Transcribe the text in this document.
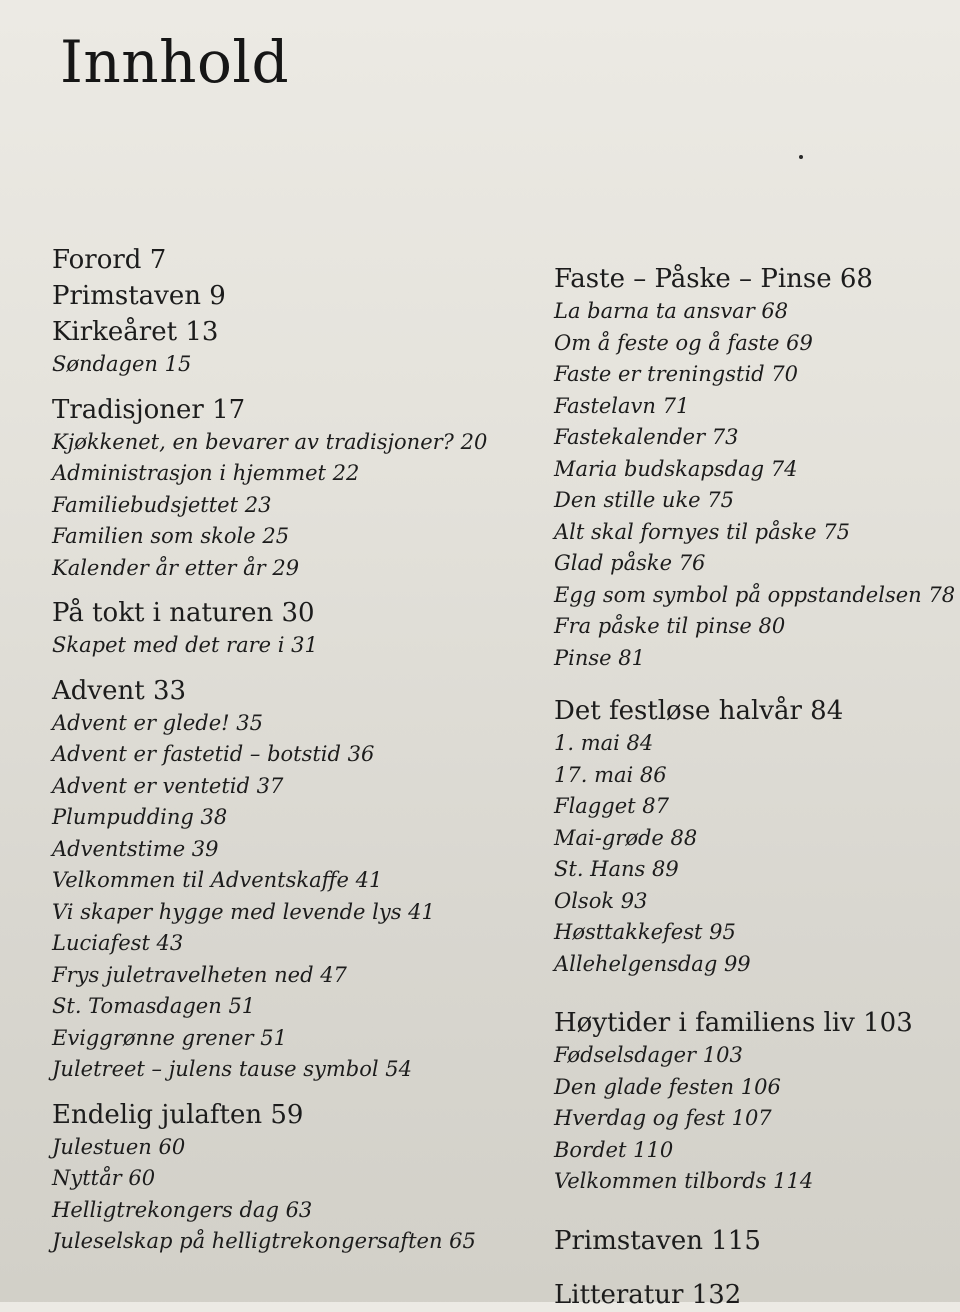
Innhold
Forord 7
Primstaven 9
Kirkeåret 13
Søndagen 15
Tradisjoner 17
Kjøkkenet, en bevarer av tradisjoner? 20
Administrasjon i hjemmet 22
Familiebudsjettet 23
Familien som skole 25
Kalender år etter år 29
På tokt i naturen 30
Skapet med det rare i 31
Advent 33
Advent er glede! 35
Advent er fastetid – botstid 36
Advent er ventetid 37
Plumpudding 38
Adventstime 39
Velkommen til Adventskaffe 41
Vi skaper hygge med levende lys 41
Luciafest 43
Frys juletravelheten ned 47
St. Tomasdagen 51
Eviggrønne grener 51
Juletreet – julens tause symbol 54
Endelig julaften 59
Julestuen 60
Nyttår 60
Helligtrekongers dag 63
Juleselskap på helligtrekongersaften 65
Faste – Påske – Pinse 68
La barna ta ansvar 68
Om å feste og å faste 69
Faste er treningstid 70
Fastelavn 71
Fastekalender 73
Maria budskapsdag 74
Den stille uke 75
Alt skal fornyes til påske 75
Glad påske 76
Egg som symbol på oppstandelsen 78
Fra påske til pinse 80
Pinse 81
Det festløse halvår 84
1. mai 84
17. mai 86
Flagget 87
Mai-grøde 88
St. Hans 89
Olsok 93
Høsttakkefest 95
Allehelgensdag 99
Høytider i familiens liv 103
Fødselsdager 103
Den glade festen 106
Hverdag og fest 107
Bordet 110
Velkommen tilbords 114
Primstaven 115
Litteratur 132
